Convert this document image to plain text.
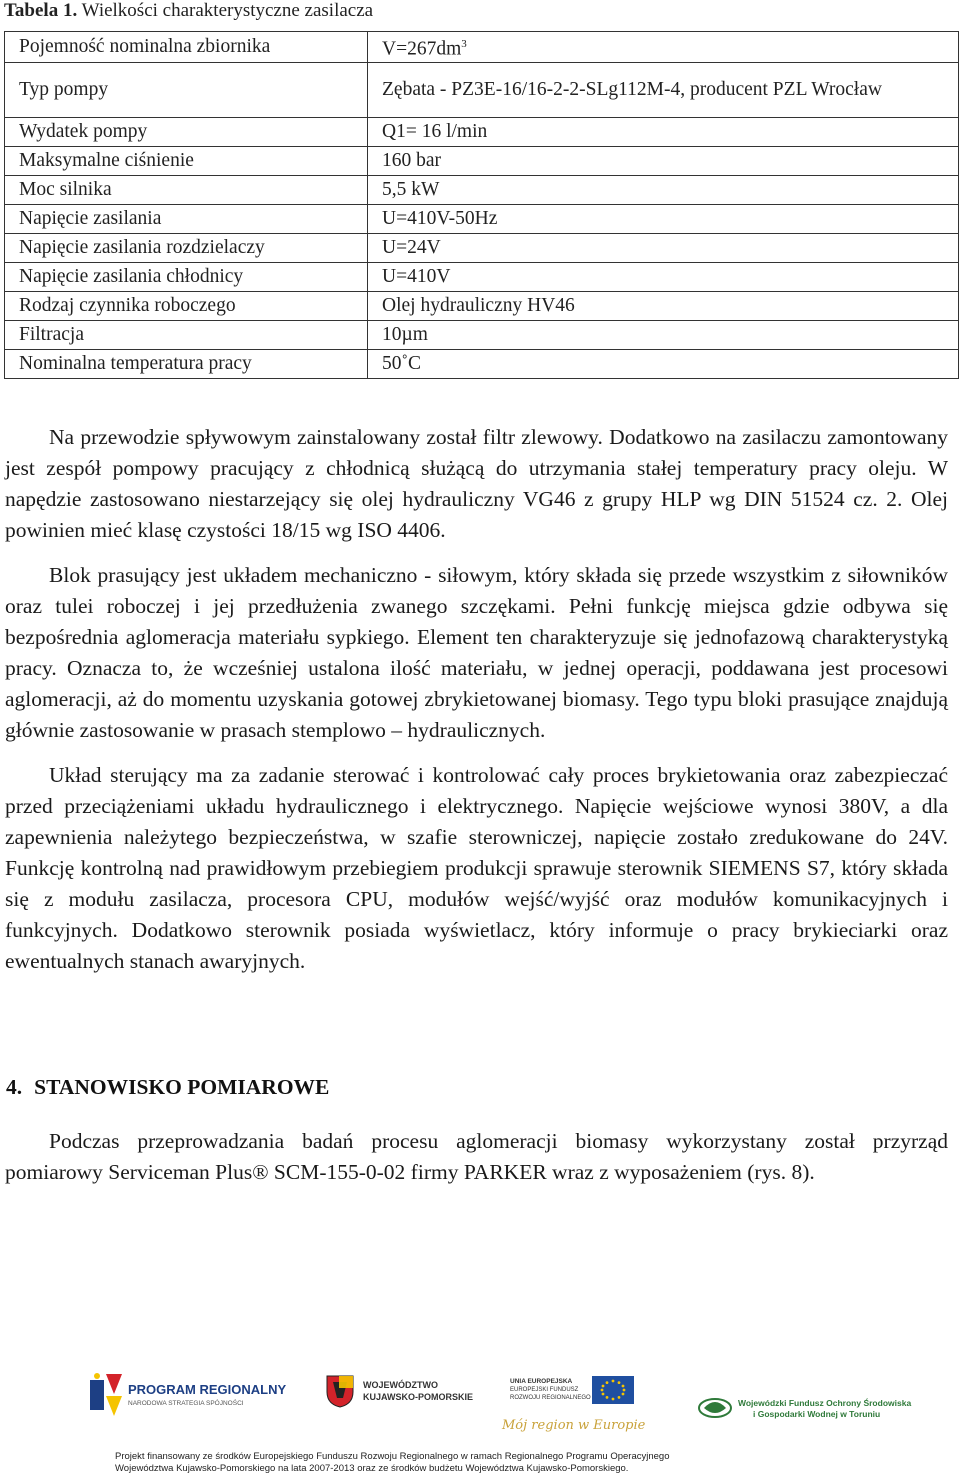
Tabela 1. Wielkości charakterystyczne zasilacza
Pojemność nominalna zbiornika	$V=267dm^3$
Typ pompy	Zębata - PZ3E-16/16-2-2-SLg112M-4, producent PZL Wrocław
Wydatek pompy	Q1= 16 l/min
Maksymalne ciśnienie	160 bar
Moc silnika	5,5 kW
Napięcie zasilania	U=410V-50Hz
Napięcie zasilania rozdzielaczy	U=24V
Napięcie zasilania chłodnicy	U=410V
Rodzaj czynnika roboczego	Olej hydrauliczny HV46
Filtracja	10µm
Nominalna temperatura pracy	50˚C

Na przewodzie spływowym zainstalowany został filtr zlewowy. Dodatkowo na zasilaczu zamontowany jest zespół pompowy pracujący z chłodnicą służącą do utrzymania stałej temperatury pracy oleju. W napędzie zastosowano niestarzejący się olej hydrauliczny VG46 z grupy HLP wg DIN 51524 cz. 2. Olej powinien mieć klasę czystości 18/15 wg ISO 4406.

Blok prasujący jest układem mechaniczno - siłowym, który składa się przede wszystkim z siłowników oraz tulei roboczej i jej przedłużenia zwanego szczękami. Pełni funkcję miejsca gdzie odbywa się bezpośrednia aglomeracja materiału sypkiego. Element ten charakteryzuje się jednofazową charakterystyką pracy. Oznacza to, że wcześniej ustalona ilość materiału, w jednej operacji, poddawana jest procesowi aglomeracji, aż do momentu uzyskania gotowej zbrykietowanej biomasy. Tego typu bloki prasujące znajdują głównie zastosowanie w prasach stemplowo – hydraulicznych.

Układ sterujący ma za zadanie sterować i kontrolować cały proces brykietowania oraz zabezpieczać przed przeciążeniami układu hydraulicznego i elektrycznego. Napięcie wejściowe wynosi 380V, a dla zapewnienia należytego bezpieczeństwa, w szafie sterowniczej, napięcie zostało zredukowane do 24V. Funkcję kontrolną nad prawidłowym przebiegiem produkcji sprawuje sterownik SIEMENS S7, który składa się z modułu zasilacza, procesora CPU, modułów wejść/wyjść oraz modułów komunikacyjnych i funkcyjnych. Dodatkowo sterownik posiada wyświetlacz, który informuje o pracy brykieciarki oraz ewentualnych stanach awaryjnych.

4. STANOWISKO POMIAROWE

Podczas przeprowadzania badań procesu aglomeracji biomasy wykorzystany został przyrząd pomiarowy Serviceman Plus® SCM-155-0-02 firmy PARKER wraz z wyposażeniem (rys. 8).

PROGRAM REGIONALNY
NARODOWA STRATEGIA SPÓJNOŚCI
WOJEWÓDZTWO
KUJAWSKO-POMORSKIE
UNIA EUROPEJSKA
EUROPEJSKI FUNDUSZ
ROZWOJU REGIONALNEGO
Mój region w Europie
Wojewódzki Fundusz Ochrony Środowiska
i Gospodarki Wodnej w Toruniu
Projekt finansowany ze środków Europejskiego Funduszu Rozwoju Regionalnego w ramach Regionalnego Programu Operacyjnego
Województwa Kujawsko-Pomorskiego na lata 2007-2013 oraz ze środków budżetu Województwa Kujawsko-Pomorskiego.
